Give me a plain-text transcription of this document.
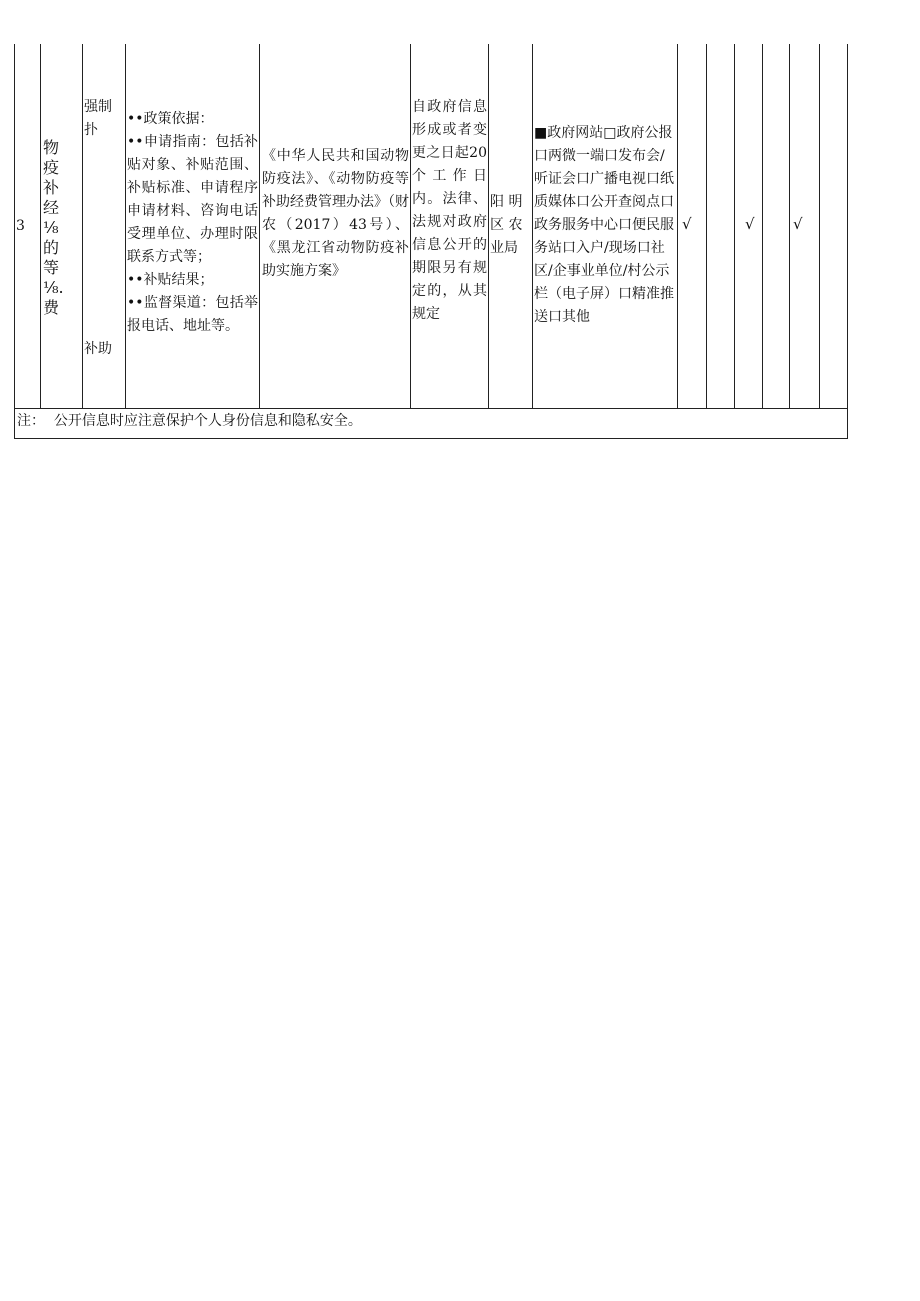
3
物疫补经⅛的等⅛.费
强制扑
补助
••政策依据：
••申请指南：包括补贴对象、补贴范围、补贴标准、申请程序申请材料、咨询电话受理单位、办理时限联系方式等；
••补贴结果；
••监督渠道：包括举报电话、地址等。
《中华人民共和国动物防疫法》、《动物防疫等补助经费管理办法》（财农（2017）43号）、《黑龙江省动物防疫补助实施方案》
自政府信息形成或者变更之日起20个工作日内。法律、法规对政府信息公开的期限另有规定的，从其规定
阳 明区 农业局
■政府网站□政府公报口两微一端口发布会/听证会口广播电视口纸质媒体口公开查阅点口政务服务中心口便民服务站口入户/现场口社区/企事业单位/村公示栏（电子屏）口精准推送口其他
√	√	√
注：  公开信息时应注意保护个人身份信息和隐私安全。
